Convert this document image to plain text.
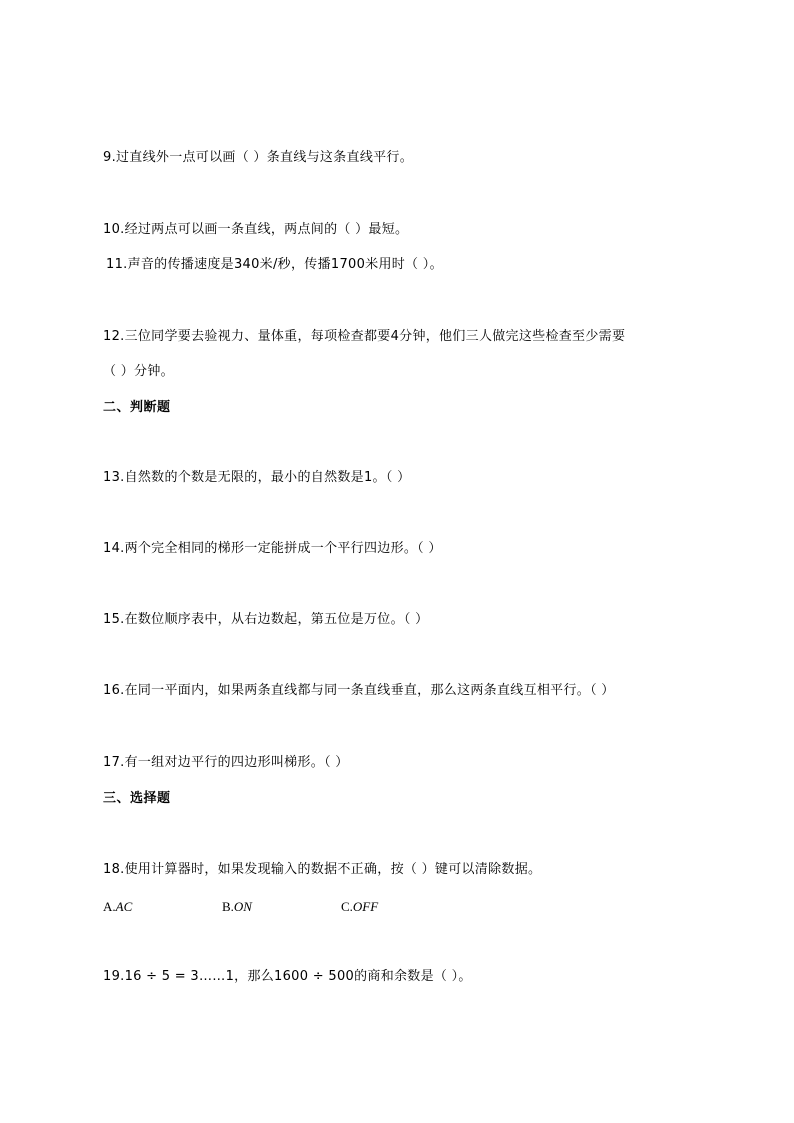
9.过直线外一点可以画（ ）条直线与这条直线平行。
10.经过两点可以画一条直线，两点间的（ ）最短。
11.声音的传播速度是340米/秒，传播1700米用时（ ）。
12.三位同学要去验视力、量体重，每项检查都要4分钟，他们三人做完这些检查至少需要
（ ）分钟。
二、判断题
13.自然数的个数是无限的，最小的自然数是1。（ ）
14.两个完全相同的梯形一定能拼成一个平行四边形。（ ）
15.在数位顺序表中，从右边数起，第五位是万位。（ ）
16.在同一平面内，如果两条直线都与同一条直线垂直，那么这两条直线互相平行。（ ）
17.有一组对边平行的四边形叫梯形。（ ）
三、选择题
18.使用计算器时，如果发现输入的数据不正确，按（ ）键可以清除数据。
A.AC	B.ON	C.OFF
19.16 ÷ 5 = 3……1，那么1600 ÷ 500的商和余数是（ ）。
